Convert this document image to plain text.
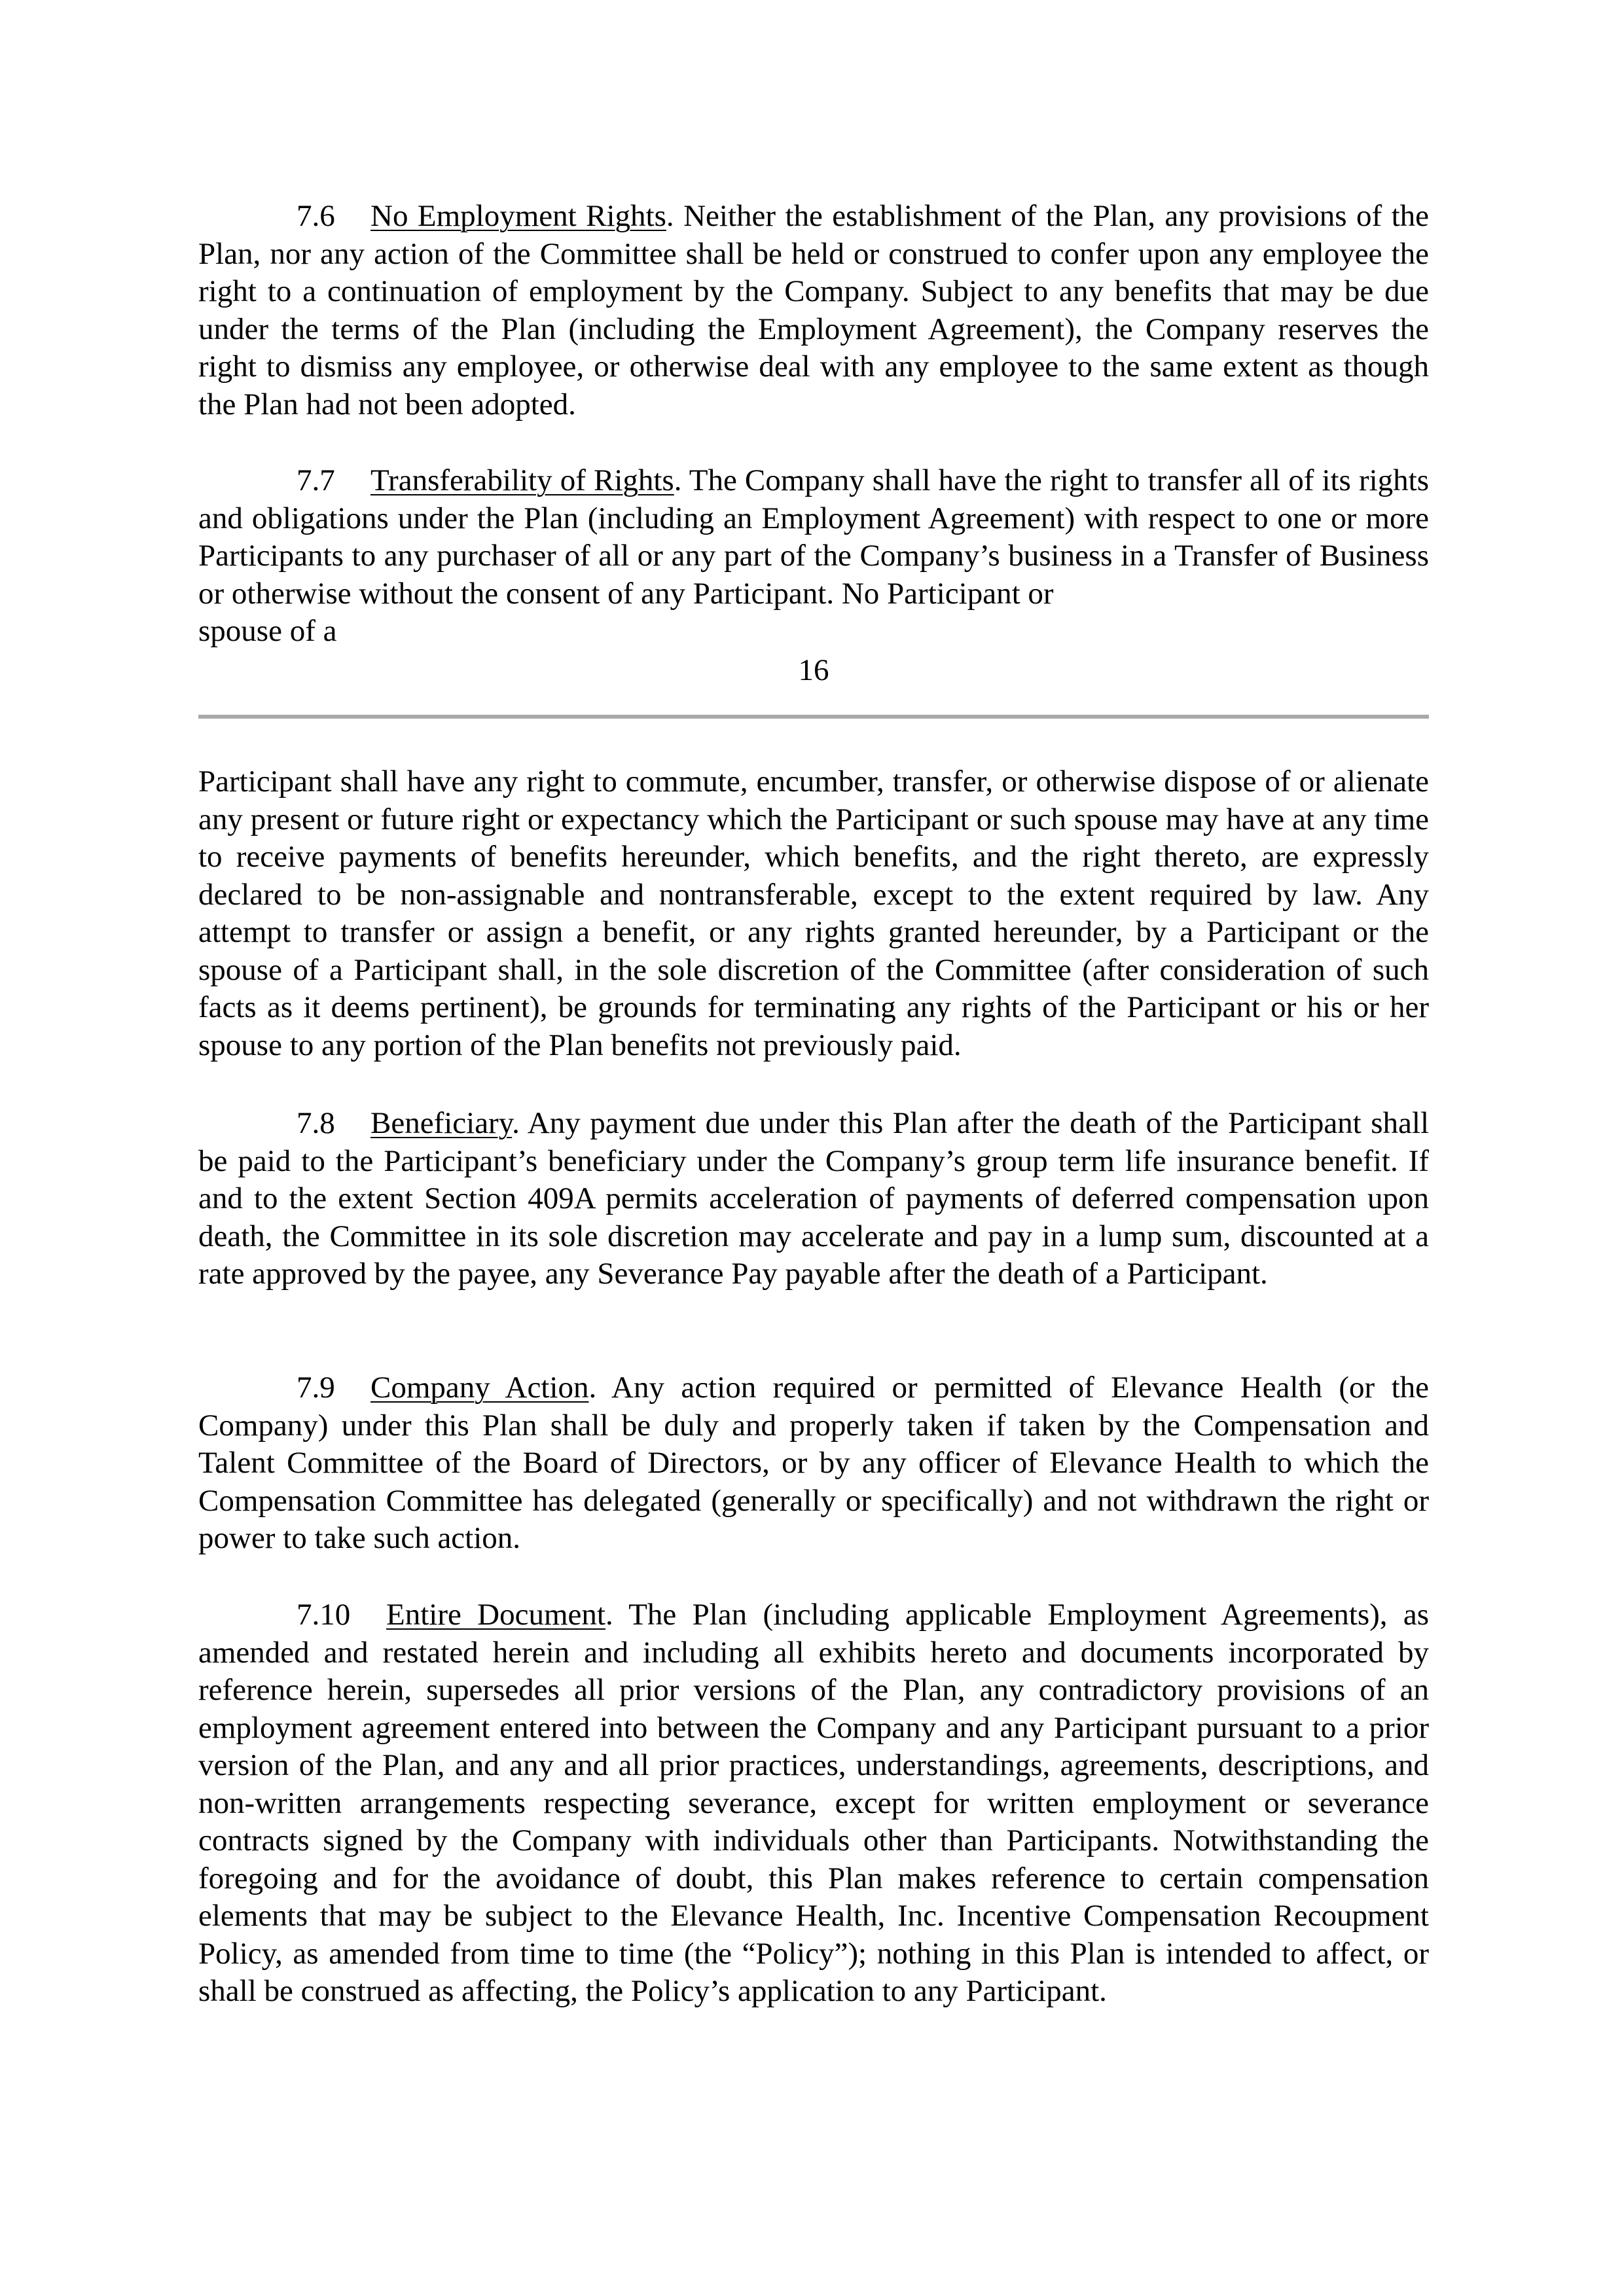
7.6 No Employment Rights. Neither the establishment of the Plan, any provisions of the Plan, nor any action of the Committee shall be held or construed to confer upon any employee the right to a continuation of employment by the Company. Subject to any benefits that may be due under the terms of the Plan (including the Employment Agreement), the Company reserves the right to dismiss any employee, or otherwise deal with any employee to the same extent as though the Plan had not been adopted.

7.7 Transferability of Rights. The Company shall have the right to transfer all of its rights and obligations under the Plan (including an Employment Agreement) with respect to one or more Participants to any purchaser of all or any part of the Company’s business in a Transfer of Business or otherwise without the consent of any Participant. No Participant or

spouse of a

16

Participant shall have any right to commute, encumber, transfer, or otherwise dispose of or alienate any present or future right or expectancy which the Participant or such spouse may have at any time to receive payments of benefits hereunder, which benefits, and the right thereto, are expressly declared to be non-assignable and nontransferable, except to the extent required by law. Any attempt to transfer or assign a benefit, or any rights granted hereunder, by a Participant or the spouse of a Participant shall, in the sole discretion of the Committee (after consideration of such facts as it deems pertinent), be grounds for terminating any rights of the Participant or his or her spouse to any portion of the Plan benefits not previously paid.

7.8 Beneficiary. Any payment due under this Plan after the death of the Participant shall be paid to the Participant’s beneficiary under the Company’s group term life insurance benefit. If and to the extent Section 409A permits acceleration of payments of deferred compensation upon death, the Committee in its sole discretion may accelerate and pay in a lump sum, discounted at a rate approved by the payee, any Severance Pay payable after the death of a Participant.

7.9 Company Action. Any action required or permitted of Elevance Health (or the Company) under this Plan shall be duly and properly taken if taken by the Compensation and Talent Committee of the Board of Directors, or by any officer of Elevance Health to which the Compensation Committee has delegated (generally or specifically) and not withdrawn the right or power to take such action.

7.10 Entire Document. The Plan (including applicable Employment Agreements), as amended and restated herein and including all exhibits hereto and documents incorporated by reference herein, supersedes all prior versions of the Plan, any contradictory provisions of an employment agreement entered into between the Company and any Participant pursuant to a prior version of the Plan, and any and all prior practices, understandings, agreements, descriptions, and non-written arrangements respecting severance, except for written employment or severance contracts signed by the Company with individuals other than Participants. Notwithstanding the foregoing and for the avoidance of doubt, this Plan makes reference to certain compensation elements that may be subject to the Elevance Health, Inc. Incentive Compensation Recoupment Policy, as amended from time to time (the “Policy”); nothing in this Plan is intended to affect, or shall be construed as affecting, the Policy’s application to any Participant.
